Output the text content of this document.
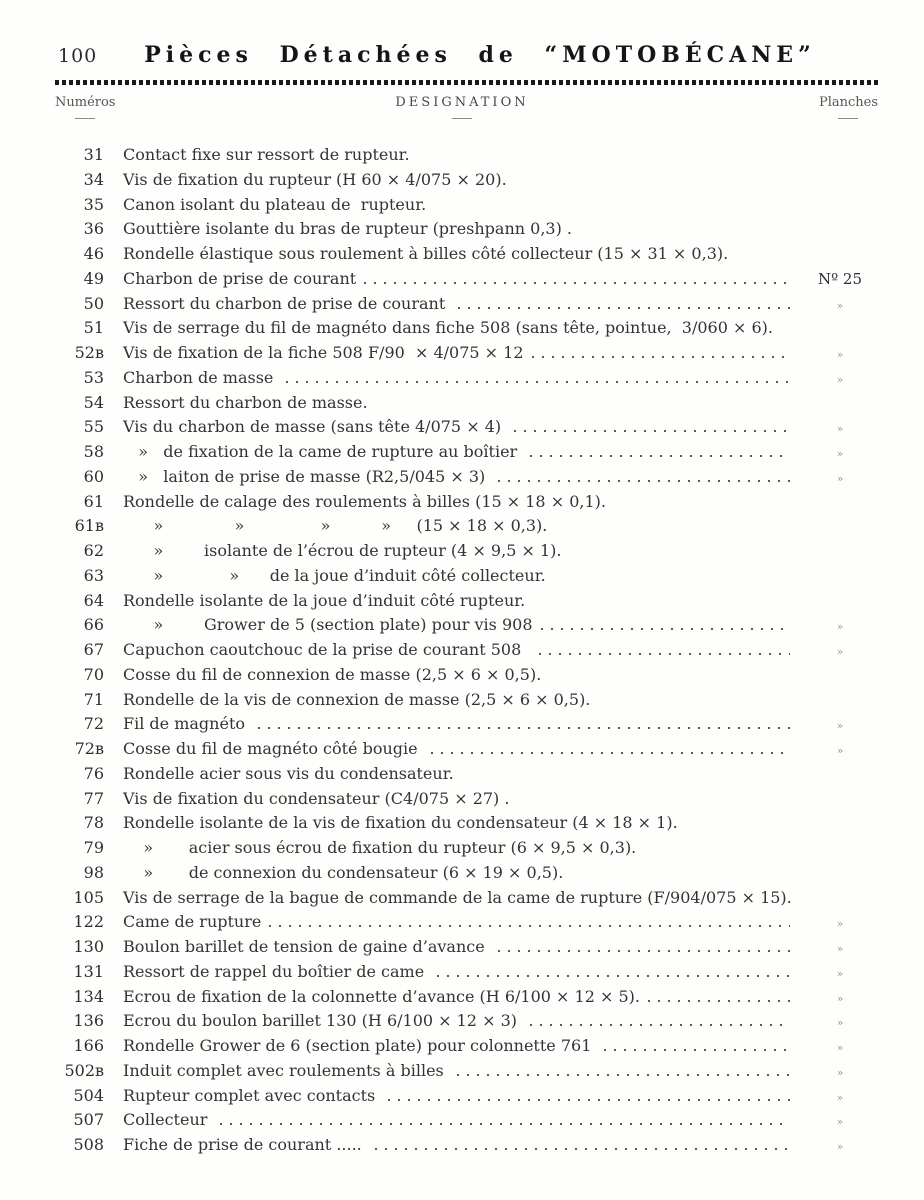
100	Pièces Détachées de “MOTOBÉCANE”
Numéros	DESIGNATION	Planches
31 Contact fixe sur ressort de rupteur.
34 Vis de fixation du rupteur (H 60 × 4/075 × 20).
35 Canon isolant du plateau de  rupteur.
36 Gouttière isolante du bras de rupteur (preshpann 0,3) .
46 Rondelle élastique sous roulement à billes côté collecteur (15 × 31 × 0,3).
49 Charbon de prise de courant	Nº 25
50 Ressort du charbon de prise de courant	»
51 Vis de serrage du fil de magnéto dans fiche 508 (sans tête, pointue,  3/060 × 6).
52ʙ Vis de fixation de la fiche 508 F/90  × 4/075 × 12	»
53 Charbon de masse	»
54 Ressort du charbon de masse.
55 Vis du charbon de masse (sans tête 4/075 × 4)	»
58 »   de fixation de la came de rupture au boîtier	»
60 »   laiton de prise de masse (R2,5/045 × 3)	»
61 Rondelle de calage des roulements à billes (15 × 18 × 0,1).
61ʙ »              »               »          »     (15 × 18 × 0,3).
62 »        isolante de l’écrou de rupteur (4 × 9,5 × 1).
63 »             »      de la joue d’induit côté collecteur.
64 Rondelle isolante de la joue d’induit côté rupteur.
66 »        Grower de 5 (section plate) pour vis 908	»
67 Capuchon caoutchouc de la prise de courant 508	»
70 Cosse du fil de connexion de masse (2,5 × 6 × 0,5).
71 Rondelle de la vis de connexion de masse (2,5 × 6 × 0,5).
72 Fil de magnéto	»
72ʙ Cosse du fil de magnéto côté bougie	»
76 Rondelle acier sous vis du condensateur.
77 Vis de fixation du condensateur (C4/075 × 27) .
78 Rondelle isolante de la vis de fixation du condensateur (4 × 18 × 1).
79 »       acier sous écrou de fixation du rupteur (6 × 9,5 × 0,3).
98 »       de connexion du condensateur (6 × 19 × 0,5).
105 Vis de serrage de la bague de commande de la came de rupture (F/904/075 × 15).
122 Came de rupture	»
130 Boulon barillet de tension de gaine d’avance	»
131 Ressort de rappel du boîtier de came	»
134 Ecrou de fixation de la colonnette d’avance (H 6/100 × 12 × 5).	»
136 Ecrou du boulon barillet 130 (H 6/100 × 12 × 3)	»
166 Rondelle Grower de 6 (section plate) pour colonnette 761	»
502ʙ Induit complet avec roulements à billes	»
504 Rupteur complet avec contacts	»
507 Collecteur	»
508 Fiche de prise de courant .....	»
